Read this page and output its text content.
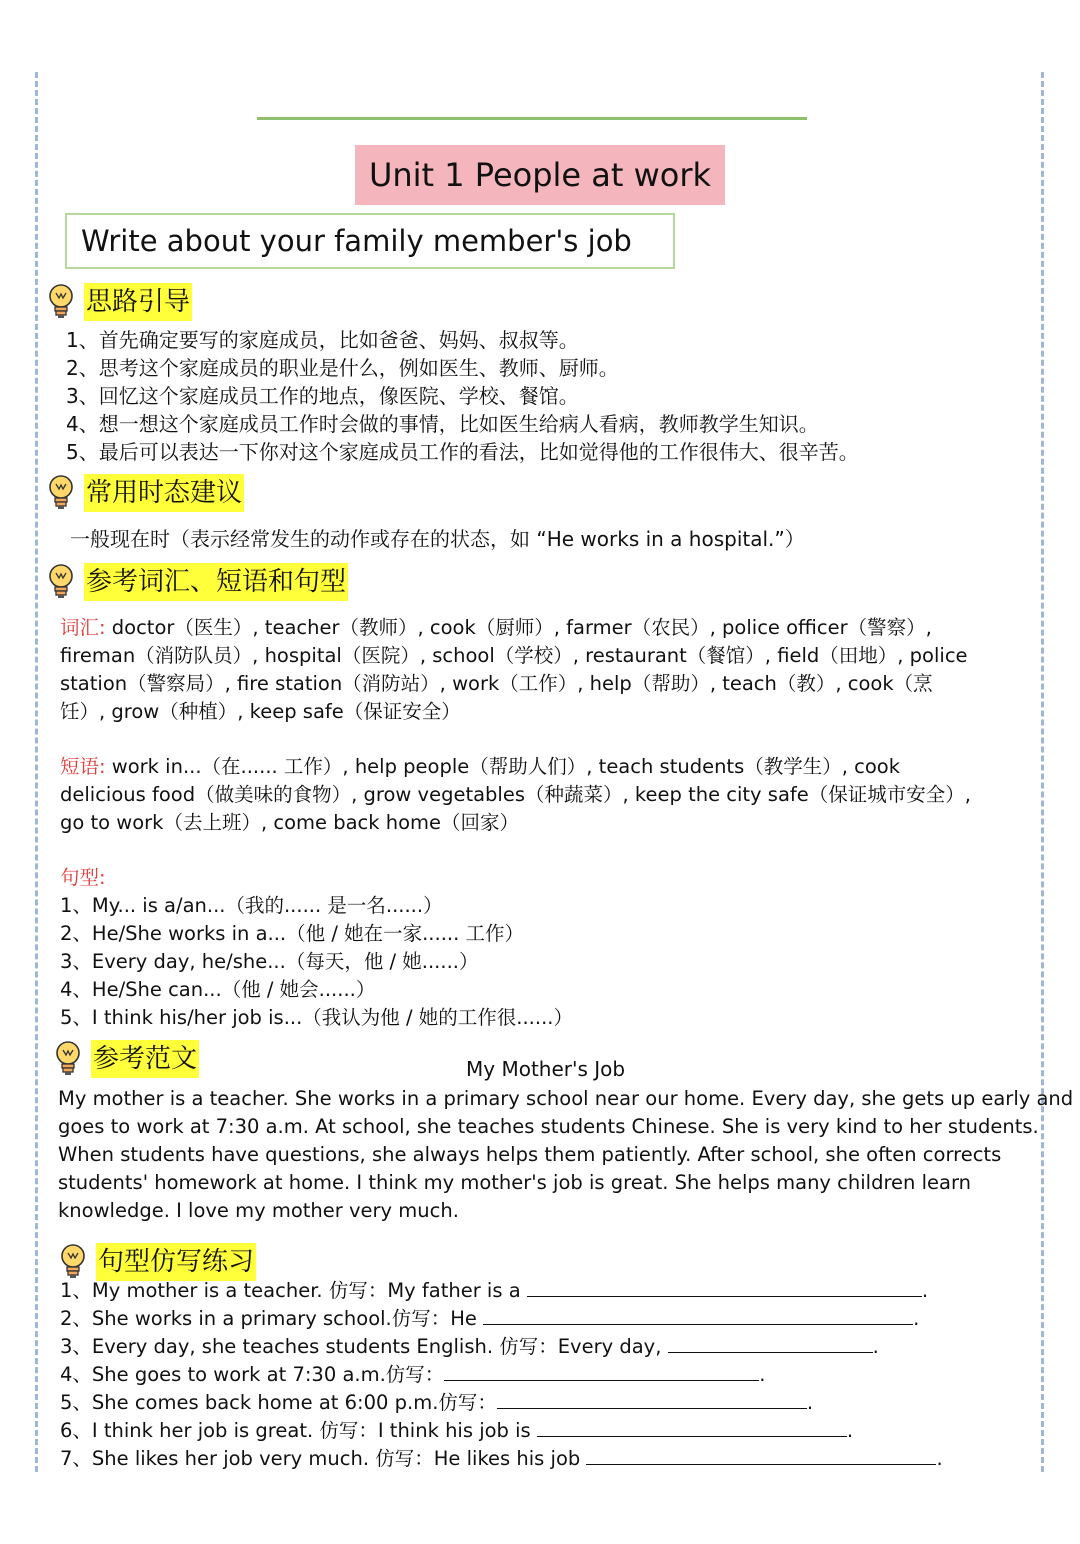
Unit 1 People at work
Write about your family member's job
思路引导
1、首先确定要写的家庭成员，比如爸爸、妈妈、叔叔等。
2、思考这个家庭成员的职业是什么，例如医生、教师、厨师。
3、回忆这个家庭成员工作的地点，像医院、学校、餐馆。
4、想一想这个家庭成员工作时会做的事情，比如医生给病人看病，教师教学生知识。
5、最后可以表达一下你对这个家庭成员工作的看法，比如觉得他的工作很伟大、很辛苦。
常用时态建议
一般现在时（表示经常发生的动作或存在的状态，如 “He works in a hospital.”）
参考词汇、短语和句型
词汇: doctor（医生）, teacher（教师）, cook（厨师）, farmer（农民）, police officer（警察）,
fireman（消防队员）, hospital（医院）, school（学校）, restaurant（餐馆）, field（田地）, police
station（警察局）, fire station（消防站）, work（工作）, help（帮助）, teach（教）, cook（烹
饪）, grow（种植）, keep safe（保证安全）
短语: work in...（在...... 工作）, help people（帮助人们）, teach students（教学生）, cook
delicious food（做美味的食物）, grow vegetables（种蔬菜）, keep the city safe（保证城市安全）,
go to work（去上班）, come back home（回家）
句型:
1、My... is a/an...（我的...... 是一名......）
2、He/She works in a...（他 / 她在一家...... 工作）
3、Every day, he/she...（每天，他 / 她......）
4、He/She can...（他 / 她会......）
5、I think his/her job is...（我认为他 / 她的工作很......）
参考范文	My Mother's Job
My mother is a teacher. She works in a primary school near our home. Every day, she gets up early and
goes to work at 7:30 a.m. At school, she teaches students Chinese. She is very kind to her students.
When students have questions, she always helps them patiently. After school, she often corrects
students' homework at home. I think my mother's job is great. She helps many children learn
knowledge. I love my mother very much.
句型仿写练习
1、My mother is a teacher. 仿写：My father is a	.
2、She works in a primary school.仿写：He	.
3、Every day, she teaches students English. 仿写：Every day,	.
4、She goes to work at 7:30 a.m.仿写：	.
5、She comes back home at 6:00 p.m.仿写：	.
6、I think her job is great. 仿写：I think his job is	.
7、She likes her job very much. 仿写：He likes his job	.
